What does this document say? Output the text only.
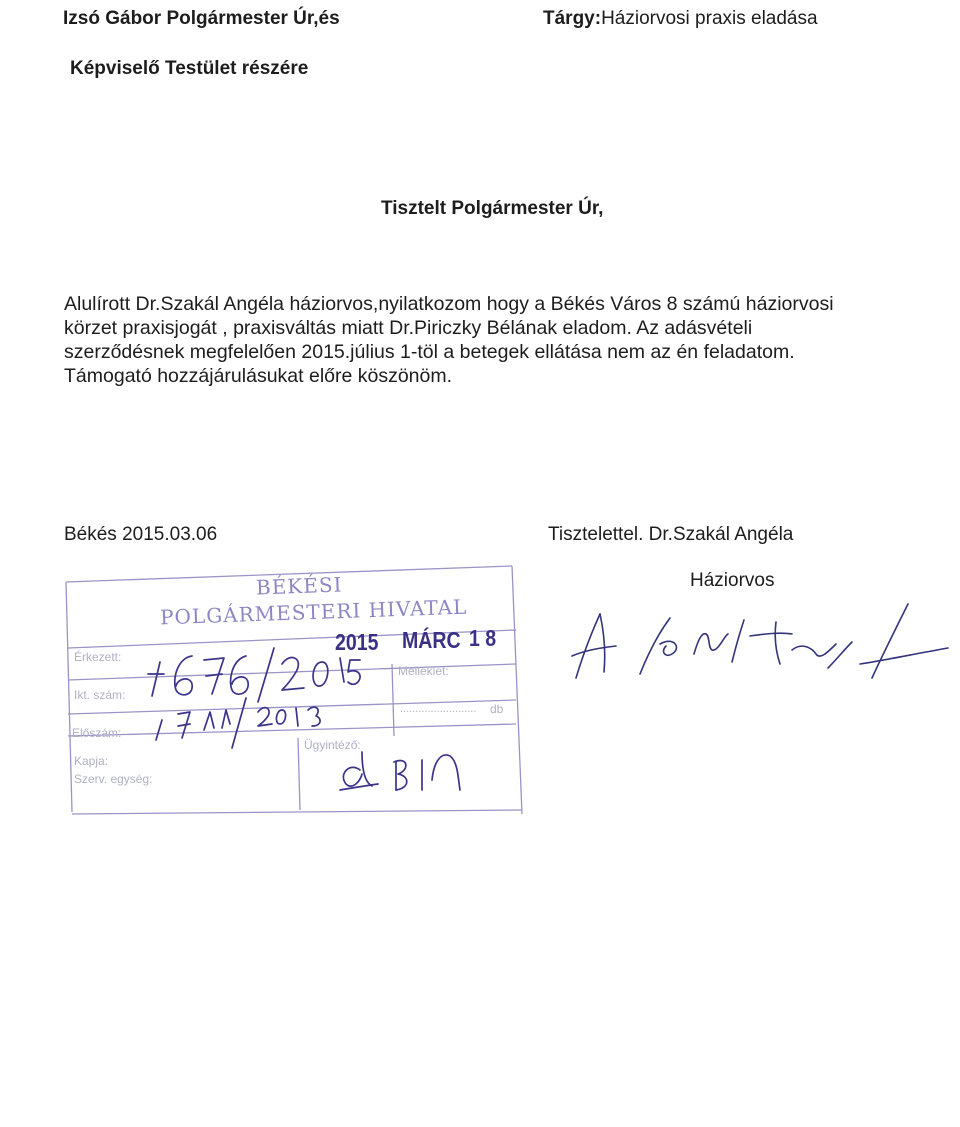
Izsó Gábor Polgármester Úr,és
Képviselő Testület részére
Tárgy:Háziorvosi praxis eladása
Tisztelt Polgármester Úr,
Alulírott Dr.Szakál Angéla háziorvos,nyilatkozom hogy a Békés Város 8 számú háziorvosi
körzet praxisjogát , praxisváltás miatt Dr.Piriczky Bélának eladom. Az adásvételi
szerződésnek megfelelően 2015.július 1-töl a betegek ellátása nem az én feladatom.
Támogató hozzájárulásukat előre köszönöm.
Békés 2015.03.06	Tisztelettel. Dr.Szakál Angéla
Háziorvos
BÉKÉSI
POLGÁRMESTERI HIVATAL
2015 MÁRC 1 8
Érkezett:
Melléklet:
Ikt. szám:
Előszám:
db
Ügyintéző:
Kapja:
Szerv. egység:
.........................
